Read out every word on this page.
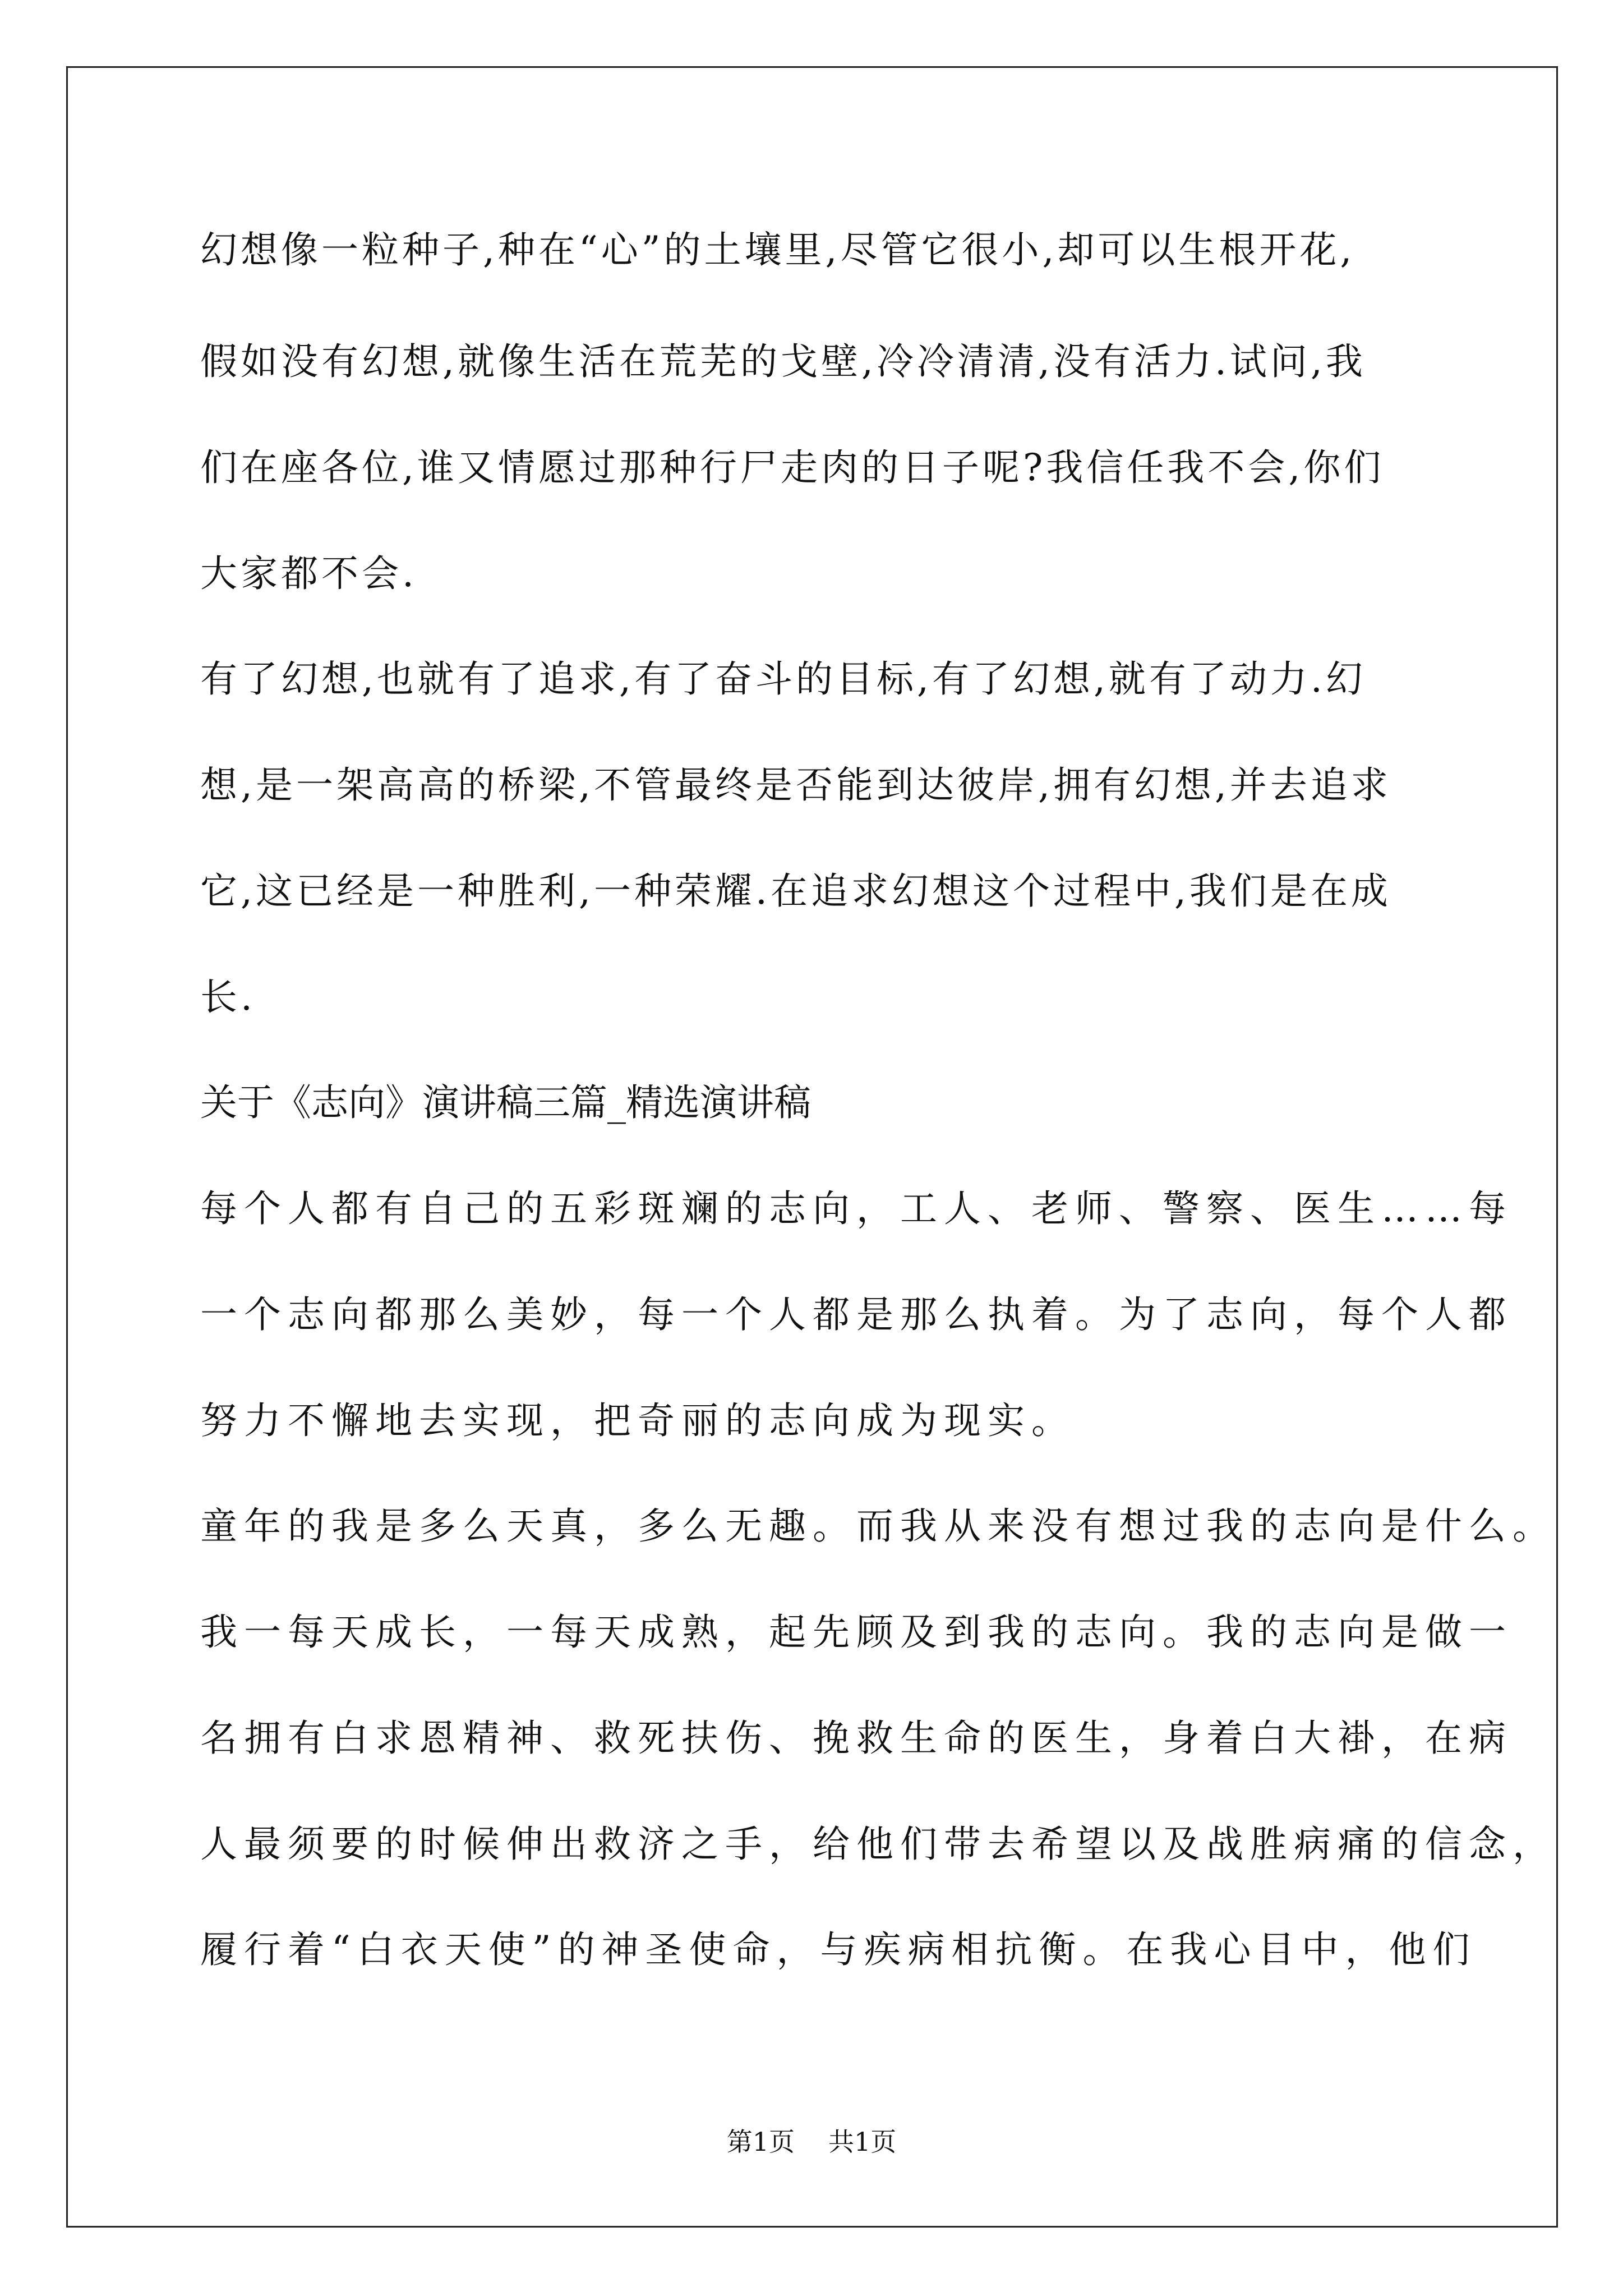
幻想像一粒种子,种在“心”的土壤里,尽管它很小,却可以生根开花,

假如没有幻想,就像生活在荒芜的戈壁,冷冷清清,没有活力.试问,我

们在座各位,谁又情愿过那种行尸走肉的日子呢?我信任我不会,你们

大家都不会.

有了幻想,也就有了追求,有了奋斗的目标,有了幻想,就有了动力.幻

想,是一架高高的桥梁,不管最终是否能到达彼岸,拥有幻想,并去追求

它,这已经是一种胜利,一种荣耀.在追求幻想这个过程中,我们是在成

长.

关于《志向》演讲稿三篇_精选演讲稿

每个人都有自己的五彩斑斓的志向，工人、老师、警察、医生……每

一个志向都那么美妙，每一个人都是那么执着。为了志向，每个人都

努力不懈地去实现，把奇丽的志向成为现实。

童年的我是多么天真，多么无趣。而我从来没有想过我的志向是什么。

我一每天成长，一每天成熟，起先顾及到我的志向。我的志向是做一

名拥有白求恩精神、救死扶伤、挽救生命的医生，身着白大褂，在病

人最须要的时候伸出救济之手，给他们带去希望以及战胜病痛的信念，

履行着“白衣天使”的神圣使命，与疾病相抗衡。在我心目中，他们

第1页 共1页
